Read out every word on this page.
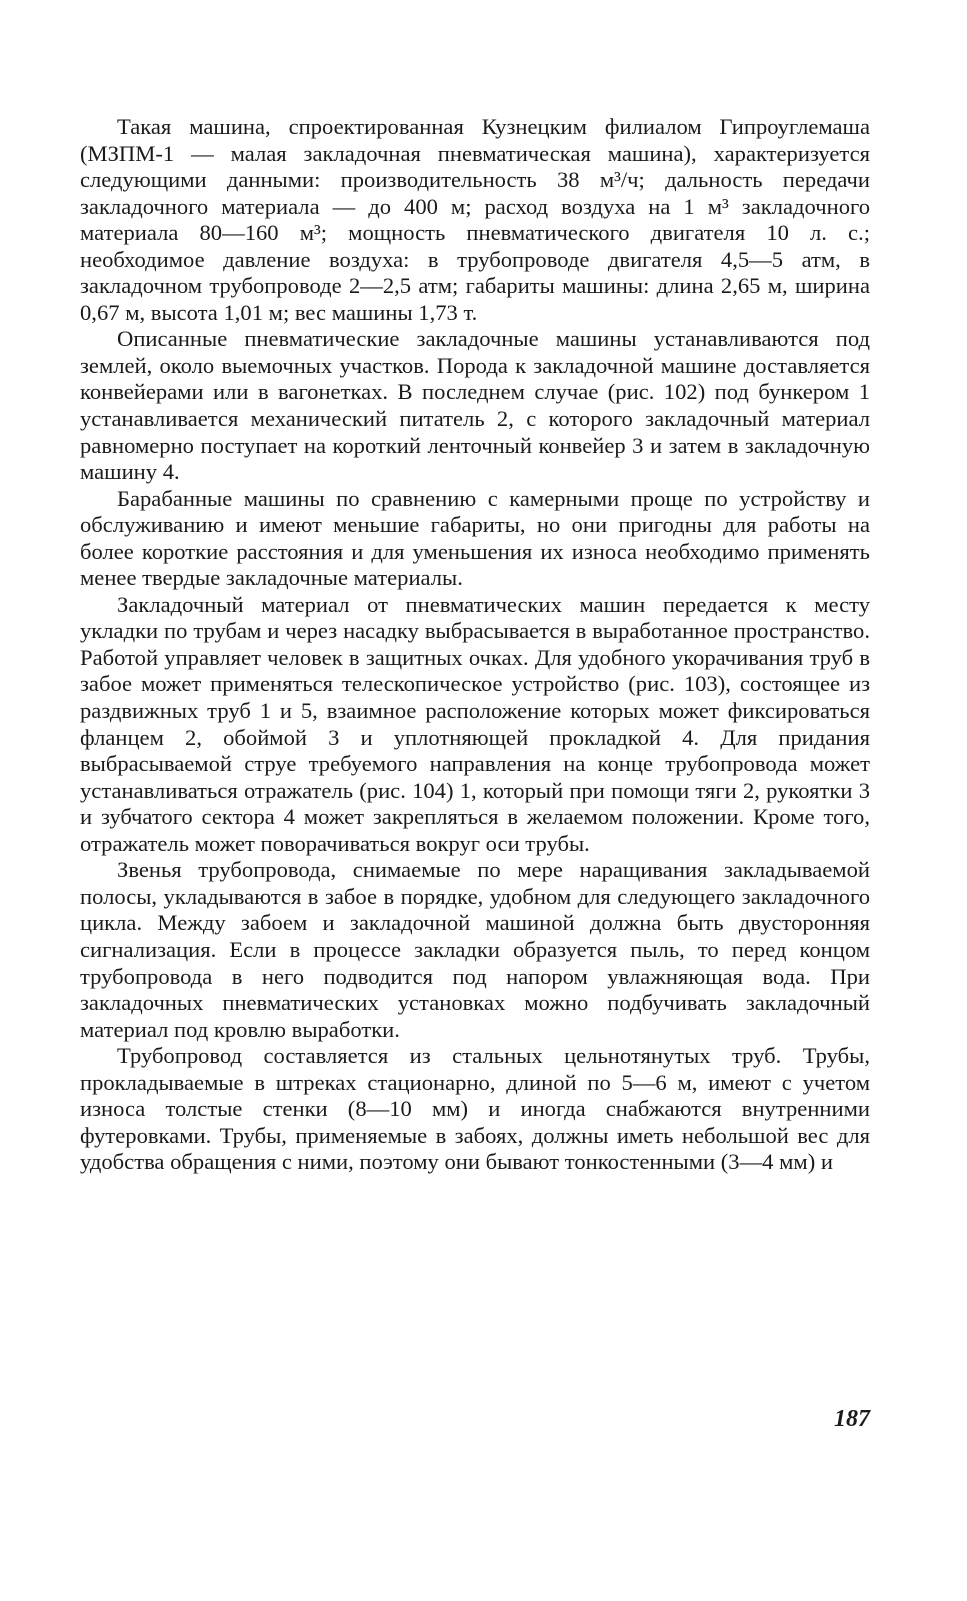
Такая машина, спроектированная Кузнецким филиалом Гипроуглемаша (МЗПМ-1 — малая закладочная пневматическая машина), характеризуется следующими данными: производительность 38 м³/ч; дальность передачи закладочного материала — до 400 м; расход воздуха на 1 м³ закладочного материала 80—160 м³; мощность пневматического двигателя 10 л. с.; необходимое давление воздуха: в трубопроводе двигателя 4,5—5 атм, в закладочном трубопроводе 2—2,5 атм; габариты машины: длина 2,65 м, ширина 0,67 м, высота 1,01 м; вес машины 1,73 т.

Описанные пневматические закладочные машины устанавливаются под землей, около выемочных участков. Порода к закладочной машине доставляется конвейерами или в вагонетках. В последнем случае (рис. 102) под бункером 1 устанавливается механический питатель 2, с которого закладочный материал равномерно поступает на короткий ленточный конвейер 3 и затем в закладочную машину 4.

Барабанные машины по сравнению с камерными проще по устройству и обслуживанию и имеют меньшие габариты, но они пригодны для работы на более короткие расстояния и для уменьшения их износа необходимо применять менее твердые закладочные материалы.

Закладочный материал от пневматических машин передается к месту укладки по трубам и через насадку выбрасывается в выработанное пространство. Работой управляет человек в защитных очках. Для удобного укорачивания труб в забое может применяться телескопическое устройство (рис. 103), состоящее из раздвижных труб 1 и 5, взаимное расположение которых может фиксироваться фланцем 2, обоймой 3 и уплотняющей прокладкой 4. Для придания выбрасываемой струе требуемого направления на конце трубопровода может устанавливаться отражатель (рис. 104) 1, который при помощи тяги 2, рукоятки 3 и зубчатого сектора 4 может закрепляться в желаемом положении. Кроме того, отражатель может поворачиваться вокруг оси трубы.

Звенья трубопровода, снимаемые по мере наращивания закладываемой полосы, укладываются в забое в порядке, удобном для следующего закладочного цикла. Между забоем и закладочной машиной должна быть двусторонняя сигнализация. Если в процессе закладки образуется пыль, то перед концом трубопровода в него подводится под напором увлажняющая вода. При закладочных пневматических установках можно подбучивать закладочный материал под кровлю выработки.

Трубопровод составляется из стальных цельнотянутых труб. Трубы, прокладываемые в штреках стационарно, длиной по 5—6 м, имеют с учетом износа толстые стенки (8—10 мм) и иногда снабжаются внутренними футеровками. Трубы, применяемые в забоях, должны иметь небольшой вес для удобства обращения с ними, поэтому они бывают тонкостенными (3—4 мм) и

187
